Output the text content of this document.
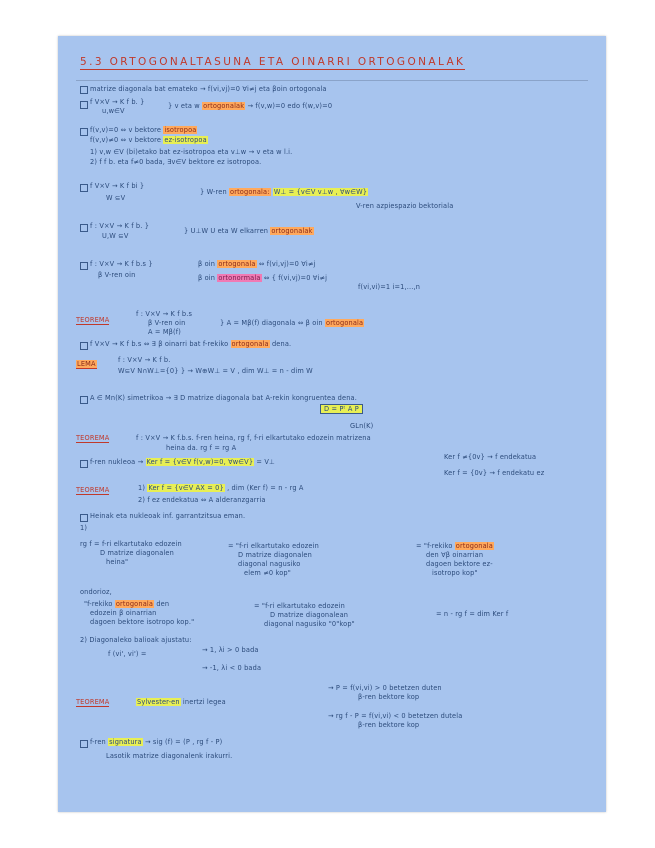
5.3 ORTOGONALTASUNA ETA OINARRI ORTOGONALAK
matrize diagonala bat emateko → f(vi,vj)=0 ∀i≠j eta βoin ortogonala
f V×V → K f b. }
u,w∈V
} v eta w ortogonalak → f(v,w)=0 edo f(w,v)=0
f(v,v)=0 ⇔ v bektore isotropoa
f(v,v)≠0 ⇔ v bektore ez-isotropoa
1) v,w ∈V (bi)etako bat ez-isotropoa eta v⊥w → v eta w l.i.
2) f f b. eta f≠0 bada, ∃v∈V bektore ez isotropoa.
f V×V → K f bi }
W ⊆V
} W-ren ortogonala: W⊥ = {v∈V v⊥w , ∀w∈W}
V-ren azpiespazio bektoriala
f : V×V → K f b. }
U,W ⊆V
} U⊥W U eta W elkarren ortogonalak
f : V×V → K f b.s }
β V-ren oin
β oin ortogonala ⇔ f(vi,vj)=0 ∀i≠j
β oin ortonormala ⇔ { f(vi,vj)=0 ∀i≠j
f(vi,vi)=1 i=1,...,n
TEOREMA
f : V×V → K f b.s
β V-ren oin
A = Mβ(f)
} A = Mβ(f) diagonala ⇔ β oin ortogonala
f V×V → K f b.s ⇔ ∃ β oinarri bat f-rekiko ortogonala dena.
LEMA	f : V×V → K f b.
W⊆V N∩W⊥={0} } → W⊕W⊥ = V , dim W⊥ = n - dim W
A ∈ Mn(K) simetrikoa → ∃ D matrize diagonala bat A-rekin kongruentea dena.
D = Pᵗ A P
GLn(K)
TEOREMA	f : V×V → K f.b.s. f-ren heina, rg f, f-ri elkartutako edozein matrizena
heina da. rg f = rg A
f-ren nukleoa → Ker f = {v∈V f(v,w)=0, ∀w∈V} = V⊥
Ker f ≠{0v} → f endekatua
Ker f = {0v} → f endekatu ez
TEOREMA	1) Ker f = {v∈V AX = 0} , dim (Ker f) = n - rg A
2) f ez endekatua ⇔ A alderanzgarria
Heinak eta nukleoak inf. garrantzitsua eman.
1)
rg f = f-ri elkartutako edozein
D matrize diagonalen
heina"
= "f-ri elkartutako edozein
D matrize diagonalen
diagonal nagusiko
elem ≠0 kop"
= "f-rekiko ortogonala
den ∀β oinarrian
dagoen bektore ez-
isotropo kop"
ondorioz,
"f-rekiko ortogonala den
edozein β oinarrian
dagoen bektore isotropo kop."
= "f-ri elkartutako edozein
D matrize diagonalean
diagonal nagusiko "0"kop"
= n - rg f = dim Ker f
2) Diagonaleko balioak ajustatu:
f (vi', vi') =	→ 1, λi > 0 bada
→ -1, λi < 0 bada
TEOREMA	Sylvester-en inertzi legea
→ P = f(vi,vi) > 0 betetzen duten
β-ren bektore kop
→ rg f - P = f(vi,vi) < 0 betetzen dutela
β-ren bektore kop
f-ren signatura → sig (f) = (P , rg f - P)
Lasotik matrize diagonalenk irakurri.
